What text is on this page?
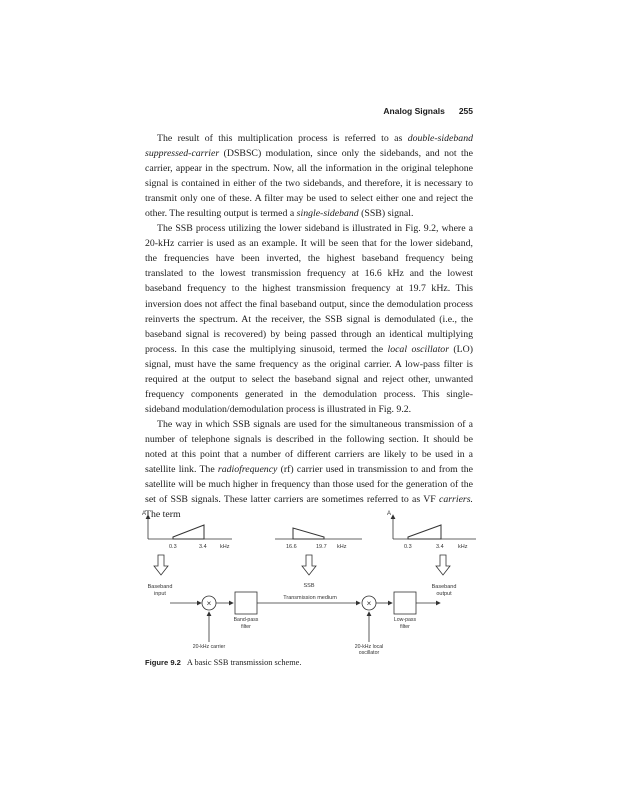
Analog Signals 255

The result of this multiplication process is referred to as double-sideband suppressed-carrier (DSBSC) modulation, since only the sidebands, and not the carrier, appear in the spectrum. Now, all the information in the original telephone signal is contained in either of the two sidebands, and therefore, it is necessary to transmit only one of these. A filter may be used to select either one and reject the other. The resulting output is termed a single-sideband (SSB) signal.

The SSB process utilizing the lower sideband is illustrated in Fig. 9.2, where a 20-kHz carrier is used as an example. It will be seen that for the lower sideband, the frequencies have been inverted, the highest baseband frequency being translated to the lowest transmission frequency at 16.6 kHz and the lowest baseband frequency to the highest transmission frequency at 19.7 kHz. This inversion does not affect the final baseband output, since the demodulation process reinverts the spectrum. At the receiver, the SSB signal is demodulated (i.e., the baseband signal is recovered) by being passed through an identical multiplying process. In this case the multiplying sinusoid, termed the local oscillator (LO) signal, must have the same frequency as the original carrier. A low-pass filter is required at the output to select the baseband signal and reject other, unwanted frequency components generated in the demodulation process. This single-sideband modulation/demodulation process is illustrated in Fig. 9.2.

The way in which SSB signals are used for the simultaneous transmission of a number of telephone signals is described in the following section. It should be noted at this point that a number of different carriers are likely to be used in a satellite link. The radiofrequency (rf) carrier used in transmission to and from the satellite will be much higher in frequency than those used for the generation of the set of SSB signals. These latter carriers are sometimes referred to as VF carriers. The term

A
0.3	3.4 kHz	16.6	19.7 kHz
A
0.3	3.4	kHz
Baseband
input
SSB
Transmission medium
Baseband
output
×	×
Band-pass
filter
Low-pass
filter
20-kHz carrier	20-kHz local
oscillator
Figure 9.2 A basic SSB transmission scheme.
